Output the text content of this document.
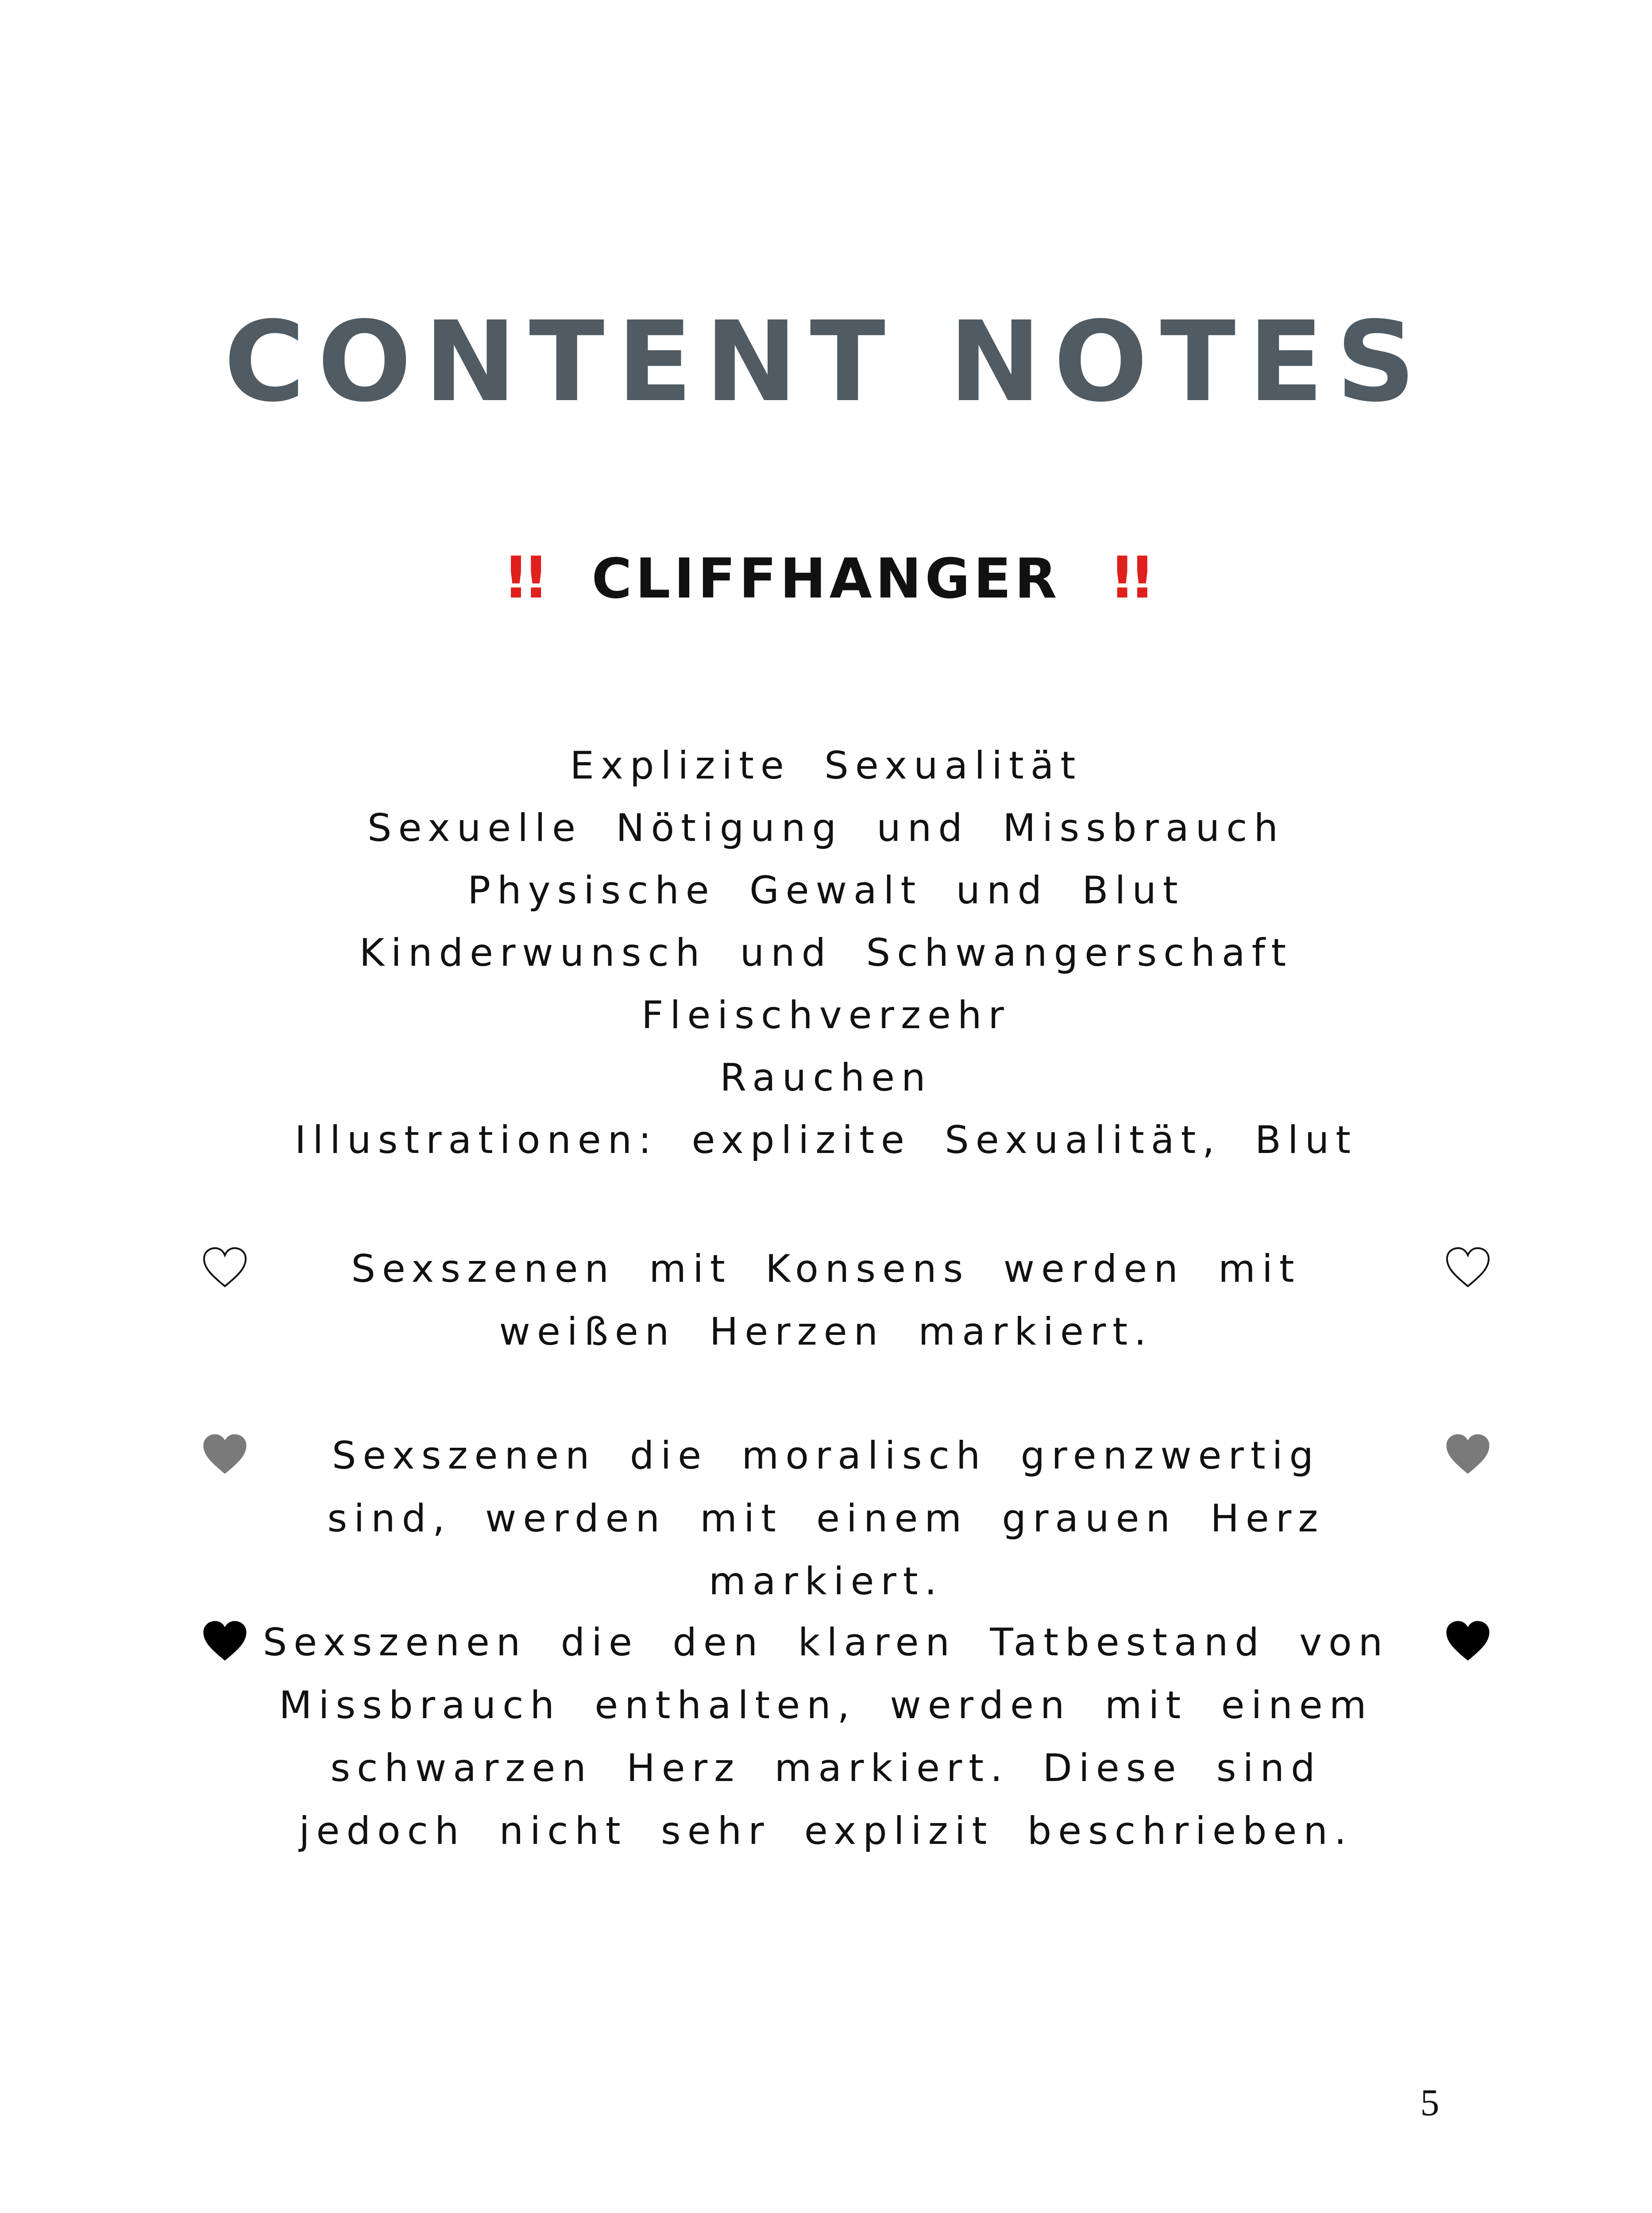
CONTENT NOTES
!! CLIFFHANGER !!
Explizite Sexualität
Sexuelle Nötigung und Missbrauch
Physische Gewalt und Blut
Kinderwunsch und Schwangerschaft
Fleischverzehr
Rauchen
Illustrationen: explizite Sexualität, Blut
Sexszenen mit Konsens werden mit weißen Herzen markiert.
Sexszenen die moralisch grenzwertig sind, werden mit einem grauen Herz markiert.
Sexszenen die den klaren Tatbestand von Missbrauch enthalten, werden mit einem schwarzen Herz markiert. Diese sind jedoch nicht sehr explizit beschrieben.
5
